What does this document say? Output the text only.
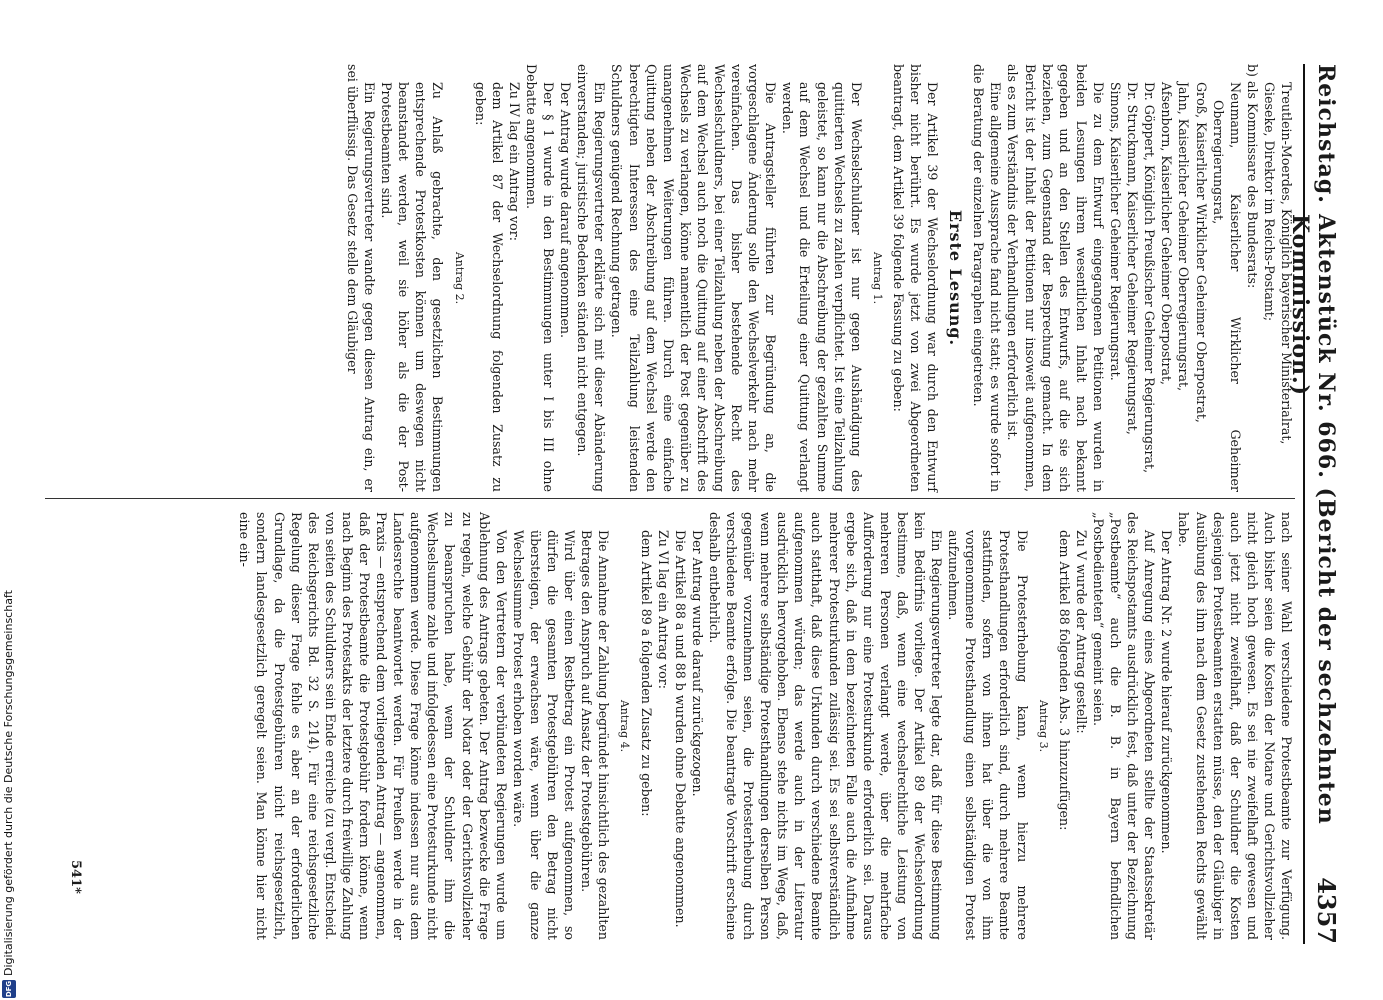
Reichstag.
Aktenstück Nr. 666. (Bericht der sechzehnten Kommission.)
4357

Treutlein-Moerdes, Königlich bayerischer Ministerialrat,

Gieseke, Direktor im Reichs-Postamt;

b) als Kommissare des Bundesrats:

Neumann, Kaiserlicher Wirklicher Geheimer Oberregierungsrat,

Groß, Kaiserlicher Wirklicher Geheimer Oberpostrat,

Jahn, Kaiserlicher Geheimer Oberregierungsrat,

Afsenborn, Kaiserlicher Geheimer Oberpostrat,

Dr. Göppert, Königlich Preußischer Geheimer Regierungsrat,

Dr. Struckmann, Kaiserlicher Geheimer Regierungsrat,

Simons, Kaiserlicher Geheimer Regierungsrat.

Die zu dem Entwurf eingegangenen Petitionen wurden in beiden Lesungen ihrem wesentlichen Inhalt nach bekannt gegeben und an den Stellen des Entwurfs, auf die sie sich beziehen, zum Gegenstand der Besprechung gemacht. In dem Bericht ist der Inhalt der Petitionen nur insoweit aufgenommen, als es zum Verständnis der Verhandlungen erforderlich ist.

Eine allgemeine Aussprache fand nicht statt; es wurde sofort in die Beratung der einzelnen Paragraphen eingetreten.

Erste Lesung.

Der Artikel 39 der Wechselordnung war durch den Entwurf bisher nicht berührt. Es wurde jetzt von zwei Abgeordneten beantragt, dem Artikel 39 folgende Fassung zu geben:

Antrag 1.

Der Wechselschuldner ist nur gegen Aushändigung des quittierten Wechsels zu zahlen verpflichtet. Ist eine Teilzahlung geleistet, so kann nur die Abschreibung der gezahlten Summe auf dem Wechsel und die Erteilung einer Quittung verlangt werden.

Die Antragsteller führten zur Begründung an, die vorgeschlagene Änderung solle den Wechselverkehr nach mehr vereinfachen. Das bisher bestehende Recht des Wechselschuldners, bei einer Teilzahlung neben der Abschreibung auf dem Wechsel auch noch die Quittung auf einer Abschrift des Wechsels zu verlangen, könne namentlich der Post gegenüber zu unangenehmen Weiterungen führen. Durch eine einfache Quittung neben der Abschreibung auf dem Wechsel werde den berechtigten Interessen des eine Teilzahlung leistenden Schuldners genügend Rechnung getragen.

Ein Regierungsvertreter erklärte sich mit dieser Abänderung einverstanden; juristische Bedenken ständen nicht entgegen.

Der Antrag wurde darauf angenommen.

Der § 1 wurde in den Bestimmungen unter I bis III ohne Debatte angenommen.

Zu IV lag ein Antrag vor:

dem Artikel 87 der Wechselordnung folgenden Zusatz zu geben:

Antrag 2.

Zu Anlaß gebrachte, den gesetzlichen Bestimmungen entsprechende Protestkosten können um deswegen nicht beanstandet werden, weil sie höher als die der Post-Protestbeamten sind.

Ein Regierungsvertreter wandte gegen diesen Antrag ein, er sei überflüssig. Das Gesetz stelle dem Gläubiger

nach seiner Wahl verschiedene Protestbeamte zur Verfügung. Auch bisher seien die Kosten der Notare und Gerichtsvollzieher nicht gleich hoch gewesen. Es sei nie zweifelhaft gewesen und auch jetzt nicht zweifelhaft, daß der Schuldner die Kosten desjenigen Protestbeamten erstatten müsse, den der Gläubiger in Ausübung des ihm nach dem Gesetz zustehenden Rechts gewählt habe.

Der Antrag Nr. 2 wurde hierauf zurückgenommen.

Auf Anregung eines Abgeordneten stellte der Staatssekretär des Reichspostamts ausdrücklich fest, daß unter der Bezeichnung „Postbeamte“ auch die B. B. in Bayern befindlichen „Postbedienteten“ gemeint seien.

Zu V wurde der Antrag gestellt:

dem Artikel 88 folgenden Abs. 3 hinzuzufügen:

Antrag 3.

Die Protesterhebung kann, wenn hierzu mehrere Protesthandlungen erforderlich sind, durch mehrere Beamte stattfinden, sofern von ihnen hat über die von ihm vorgenommene Protesthandlung einen selbständigen Protest aufzunehmen.

Ein Regierungsvertreter legte dar, daß für diese Bestimmung kein Bedürfnis vorliege. Der Artikel 89 der Wechselordnung bestimme, daß, wenn eine wechselrechtliche Leistung von mehreren Personen verlangt werde, über die mehrfache Aufforderung nur eine Protesturkunde erforderlich sei. Daraus ergebe sich, daß in dem bezeichneten Falle auch die Aufnahme mehrerer Protesturkunden zulässig sei. Es sei selbstverständlich auch statthaft, daß diese Urkunden durch verschiedene Beamte aufgenommen würden; das werde auch in der Literatur ausdrücklich hervorgehoben. Ebenso stehe nichts im Wege, daß, wenn mehrere selbständige Protesthandlungen derselben Person gegenüber vorzunehmen seien, die Protesterhebung durch verschiedene Beamte erfolge. Die beantragte Vorschrift erscheine deshalb entbehrlich.

Der Antrag wurde darauf zurückgezogen.

Die Artikel 88 a und 88 b wurden ohne Debatte angenommen.

Zu VI lag ein Antrag vor:

dem Artikel 89 a folgenden Zusatz zu geben:

Antrag 4.

Die Annahme der Zahlung begründet hinsichtlich des gezahlten Betrages den Anspruch auf Ansatz der Protestgebühren.

Wird über einen Restbetrag ein Protest aufgenommen, so dürfen die gesamten Protestgebühren den Betrag nicht übersteigen, der erwachsen wäre, wenn über die ganze Wechselsumme Protest erhoben worden wäre.

Von den Vertretern der verbündeten Regierungen wurde um Ablehnung des Antrags gebeten. Der Antrag bezwecke die Frage zu regeln, welche Gebühr der Notar oder der Gerichtsvollzieher zu beanspruchen habe, wenn der Schuldner ihm die Wechselsumme zahle und infolgedessen eine Protesturkunde nicht aufgenommen werde. Diese Frage könne indessen nur aus dem Landesrechte beantwortet werden. Für Preußen werde in der Praxis — entsprechend dem vorliegenden Antrag — angenommen, daß der Protestbeamte die Protestgebühr fordern könne, wenn nach Beginn des Protestakts der letztere durch freiwillige Zahlung von seiten des Schuldners sein Ende erreiche (zu vergl. Entscheid. des Reichsgerichts Bd. 32 S. 214). Für eine reichsgesetzliche Regelung dieser Frage fehle es aber an der erforderlichen Grundlage, da die Protestgebühren nicht reichsgesetzlich, sondern landesgesetzlich geregelt seien. Man könne hier nicht eine ein-

541*
DFG
Digitalisierung gefördert durch die Deutsche Forschungsgemeinschaft
